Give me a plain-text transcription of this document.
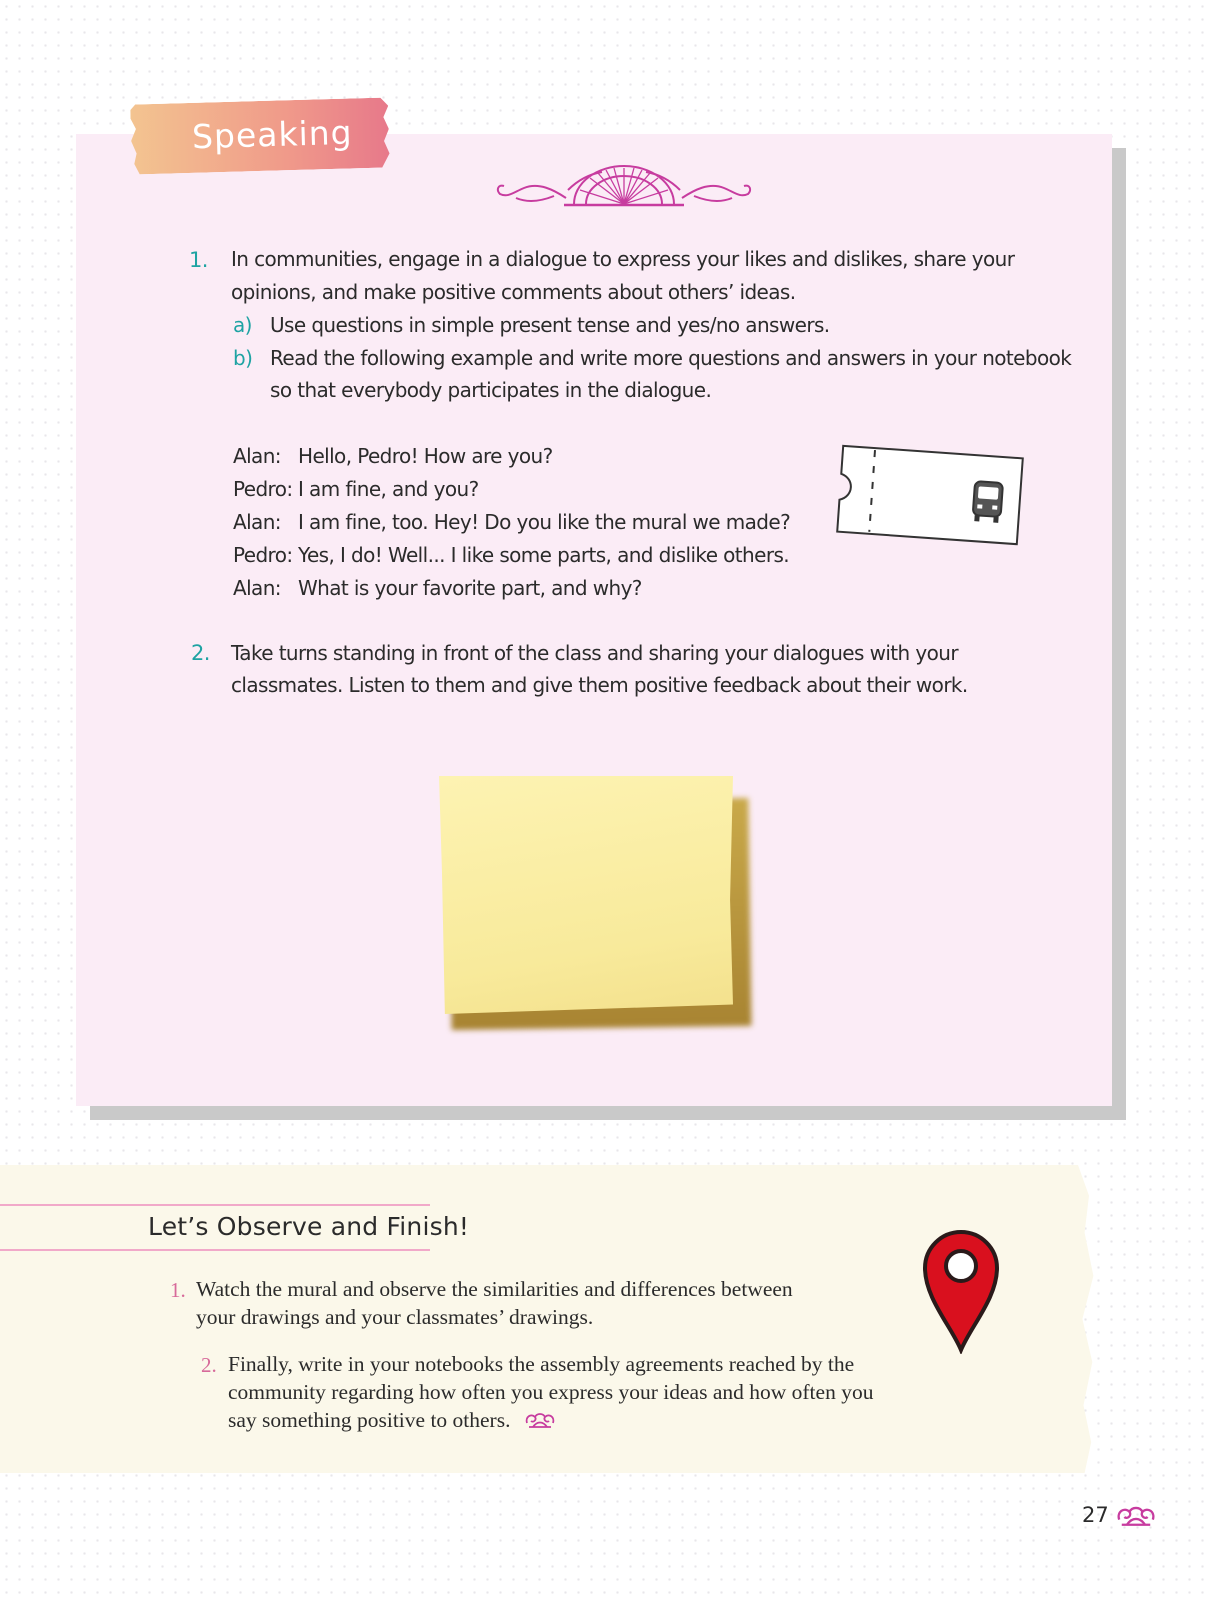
Speaking
1. In communities, engage in a dialogue to express your likes and dislikes, share your
opinions, and make positive comments about others’ ideas.
a) Use questions in simple present tense and yes/no answers.
b) Read the following example and write more questions and answers in your notebook
so that everybody participates in the dialogue.
Alan: Hello, Pedro! How are you?
Pedro: I am fine, and you?
Alan: I am fine, too. Hey! Do you like the mural we made?
Pedro: Yes, I do! Well... I like some parts, and dislike others.
Alan: What is your favorite part, and why?
2. Take turns standing in front of the class and sharing your dialogues with your
classmates. Listen to them and give them positive feedback about their work.
Let’s Observe and Finish!
1. Watch the mural and observe the similarities and differences between
your drawings and your classmates’ drawings.
2. Finally, write in your notebooks the assembly agreements reached by the
community regarding how often you express your ideas and how often you
say something positive to others.
27
